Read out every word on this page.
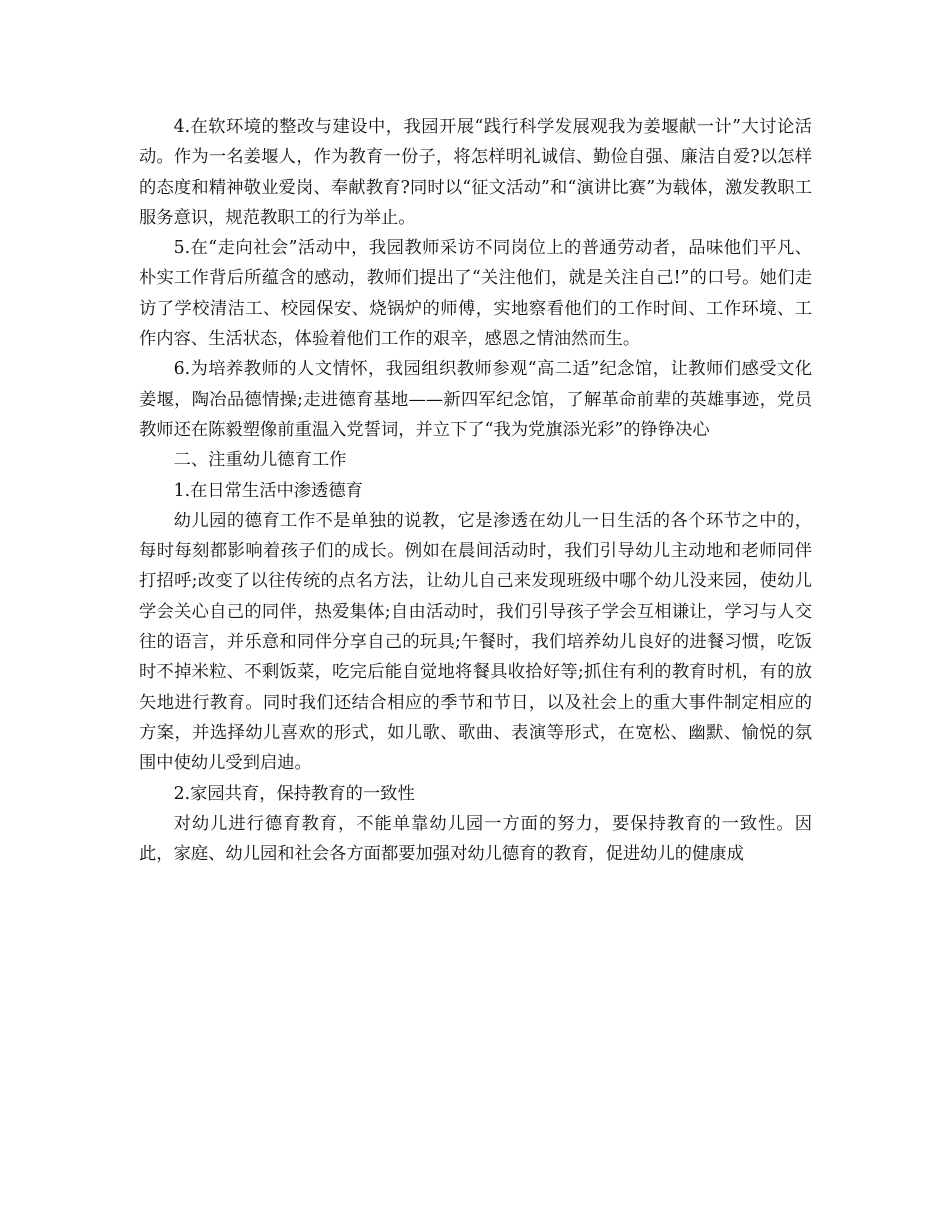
4.在软环境的整改与建设中，我园开展“践行科学发展观我为姜堰献一计”大讨论活动。作为一名姜堰人，作为教育一份子，将怎样明礼诚信、勤俭自强、廉洁自爱?以怎样的态度和精神敬业爱岗、奉献教育?同时以“征文活动”和“演讲比赛”为载体，激发教职工服务意识，规范教职工的行为举止。

5.在“走向社会”活动中，我园教师采访不同岗位上的普通劳动者，品味他们平凡、朴实工作背后所蕴含的感动，教师们提出了“关注他们，就是关注自己!”的口号。她们走访了学校清洁工、校园保安、烧锅炉的师傅，实地察看他们的工作时间、工作环境、工作内容、生活状态，体验着他们工作的艰辛，感恩之情油然而生。

6.为培养教师的人文情怀，我园组织教师参观“高二适”纪念馆，让教师们感受文化姜堰，陶冶品德情操;走进德育基地——新四军纪念馆，了解革命前辈的英雄事迹，党员教师还在陈毅塑像前重温入党誓词，并立下了“我为党旗添光彩”的铮铮决心

二、注重幼儿德育工作

1.在日常生活中渗透德育

幼儿园的德育工作不是单独的说教，它是渗透在幼儿一日生活的各个环节之中的，每时每刻都影响着孩子们的成长。例如在晨间活动时，我们引导幼儿主动地和老师同伴打招呼;改变了以往传统的点名方法，让幼儿自己来发现班级中哪个幼儿没来园，使幼儿学会关心自己的同伴，热爱集体;自由活动时，我们引导孩子学会互相谦让，学习与人交往的语言，并乐意和同伴分享自己的玩具;午餐时，我们培养幼儿良好的进餐习惯，吃饭时不掉米粒、不剩饭菜，吃完后能自觉地将餐具收拾好等;抓住有利的教育时机，有的放矢地进行教育。同时我们还结合相应的季节和节日，以及社会上的重大事件制定相应的方案，并选择幼儿喜欢的形式，如儿歌、歌曲、表演等形式，在宽松、幽默、愉悦的氛围中使幼儿受到启迪。

2.家园共育，保持教育的一致性

对幼儿进行德育教育，不能单靠幼儿园一方面的努力，要保持教育的一致性。因此，家庭、幼儿园和社会各方面都要加强对幼儿德育的教育，促进幼儿的健康成
